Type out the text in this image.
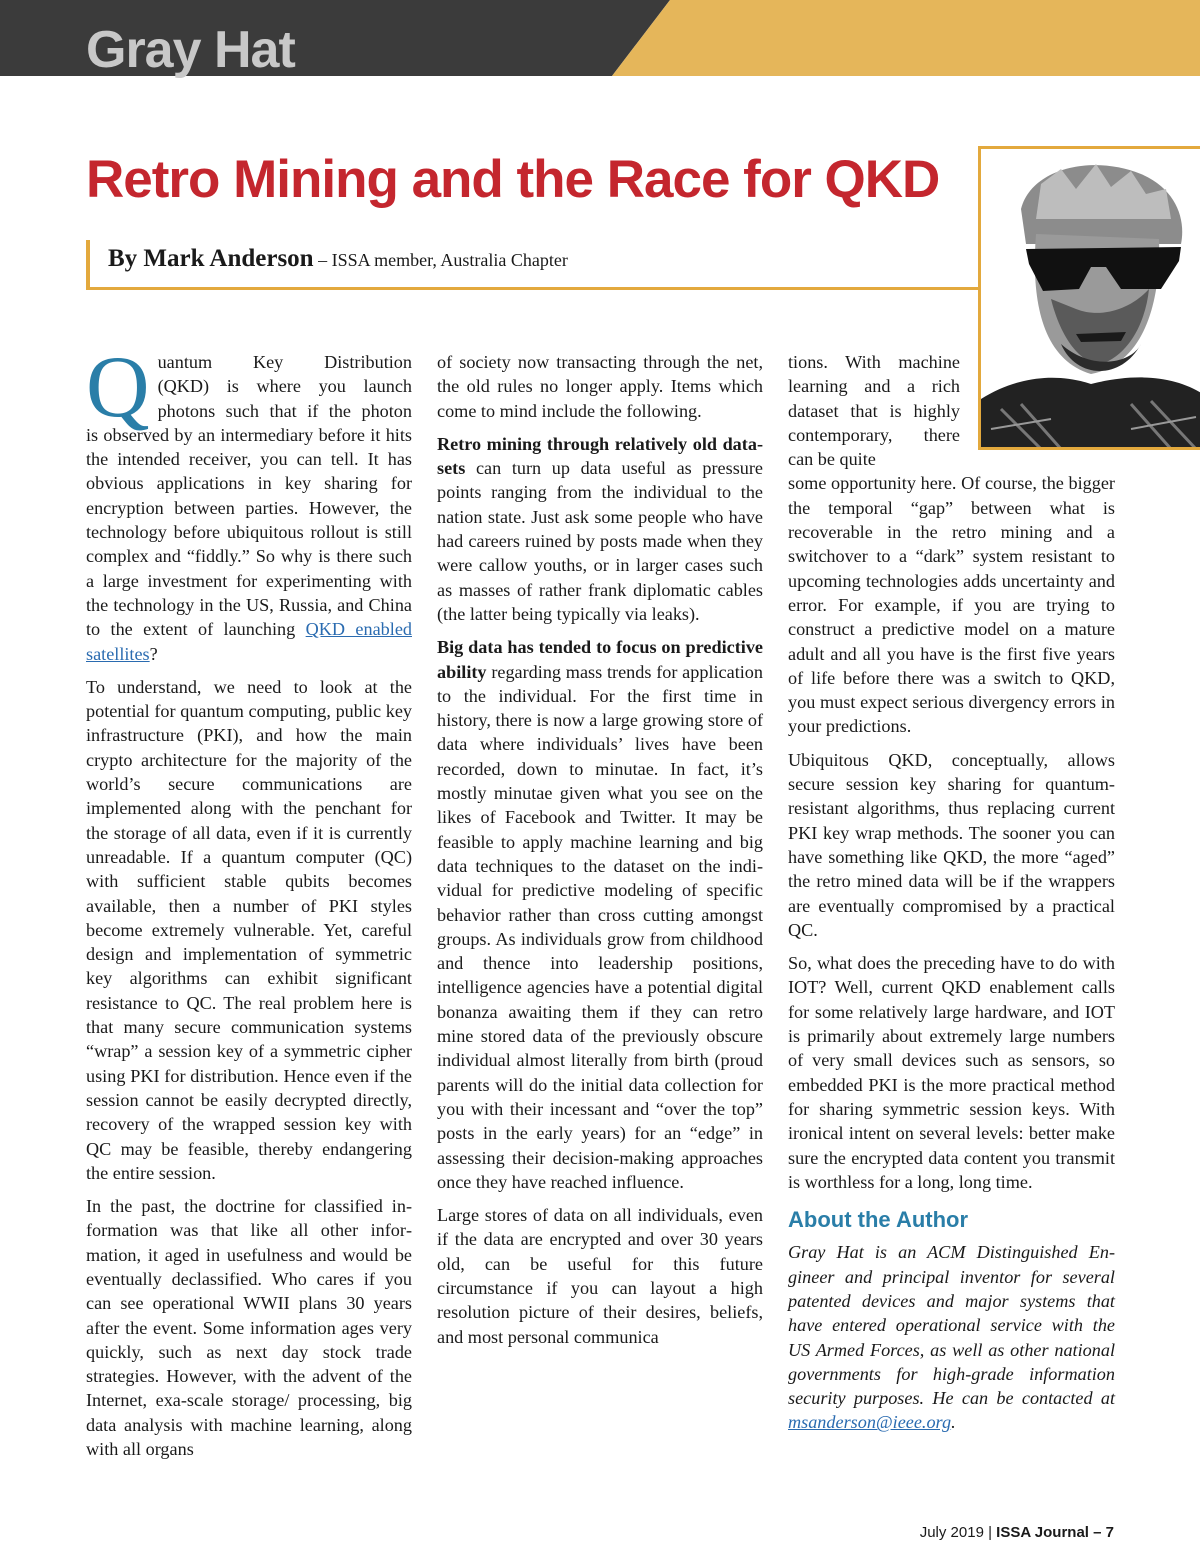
Gray Hat
Retro Mining and the Race for QKD
By Mark Anderson – ISSA member, Australia Chapter

Q uantum Key Distribution
(QKD) is where you launch
photons such that if the photon
is observed by an intermediary before it hits the intended receiver, you can tell. It has obvious applications in key sharing for encryption between parties. However, the technology before ubiquitous rollout is still complex and “fiddly.” So why is there such a large investment for experimenting with the technology in the US, Russia, and China to the extent of launching QKD enabled satellites?

To understand, we need to look at the potential for quantum computing, public key infrastructure (PKI), and how the main crypto architecture for the majority of the world’s secure communications are implemented along with the penchant for the storage of all data, even if it is currently unreadable. If a quantum computer (QC) with sufficient stable qubits becomes available, then a number of PKI styles become extremely vulnerable. Yet, careful design and implementation of symmetric key algorithms can exhibit significant resistance to QC. The real problem here is that many secure communication systems “wrap” a session key of a symmetric cipher using PKI for distribution. Hence even if the session cannot be easily decrypted directly, recovery of the wrapped session key with QC may be feasible, thereby endangering the entire session.

In the past, the doctrine for classified information was that like all other information, it aged in usefulness and would be eventually declassified. Who cares if you can see operational WWII plans 30 years after the event. Some information ages very quickly, such as next day stock trade strategies. However, with the advent of the Internet, exa-scale storage/ processing, big data analysis with machine learning, along with all organs

of society now transacting through the net, the old rules no longer apply. Items which come to mind include the following.

Retro mining through relatively old datasets can turn up data useful as pressure points ranging from the individual to the nation state. Just ask some people who have had careers ruined by posts made when they were callow youths, or in larger cases such as masses of rather frank diplomatic cables (the latter being typically via leaks).

Big data has tended to focus on predictive ability regarding mass trends for application to the individual. For the first time in history, there is now a large growing store of data where individuals’ lives have been recorded, down to minutae. In fact, it’s mostly minutae given what you see on the likes of Facebook and Twitter. It may be feasible to apply machine learning and big data techniques to the dataset on the individual for predictive modeling of specific behavior rather than cross cutting amongst groups. As individuals grow from childhood and thence into leadership positions, intelligence agencies have a potential digital bonanza awaiting them if they can retro mine stored data of the previously obscure individual almost literally from birth (proud parents will do the initial data collection for you with their incessant and “over the top” posts in the early years) for an “edge” in assessing their decision-making approaches once they have reached influence.

Large stores of data on all individuals, even if the data are encrypted and over 30 years old, can be useful for this future circumstance if you can layout a high resolution picture of their desires, beliefs, and most personal communica

tions. With machine learning and a rich dataset that is highly contemporary, there can be quite
some opportunity here. Of course, the bigger the temporal “gap” between what is recoverable in the retro mining and a switchover to a “dark” system resistant to upcoming technologies adds uncertainty and error. For example, if you are trying to construct a predictive model on a mature adult and all you have is the first five years of life before there was a switch to QKD, you must expect serious divergency errors in your predictions.

Ubiquitous QKD, conceptually, allows secure session key sharing for quantum-resistant algorithms, thus replacing current PKI key wrap methods. The sooner you can have something like QKD, the more “aged” the retro mined data will be if the wrappers are eventually compromised by a practical QC.

So, what does the preceding have to do with IOT? Well, current QKD enablement calls for some relatively large hardware, and IOT is primarily about extremely large numbers of very small devices such as sensors, so embedded PKI is the more practical method for sharing symmetric session keys. With ironical intent on several levels: better make sure the encrypted data content you transmit is worthless for a long, long time.

About the Author

Gray Hat is an ACM Distinguished Engineer and principal inventor for several patented devices and major systems that have entered operational service with the US Armed Forces, as well as other national governments for high-grade information security purposes. He can be contacted at msanderson@ieee.org.

July 2019 | ISSA Journal – 7
